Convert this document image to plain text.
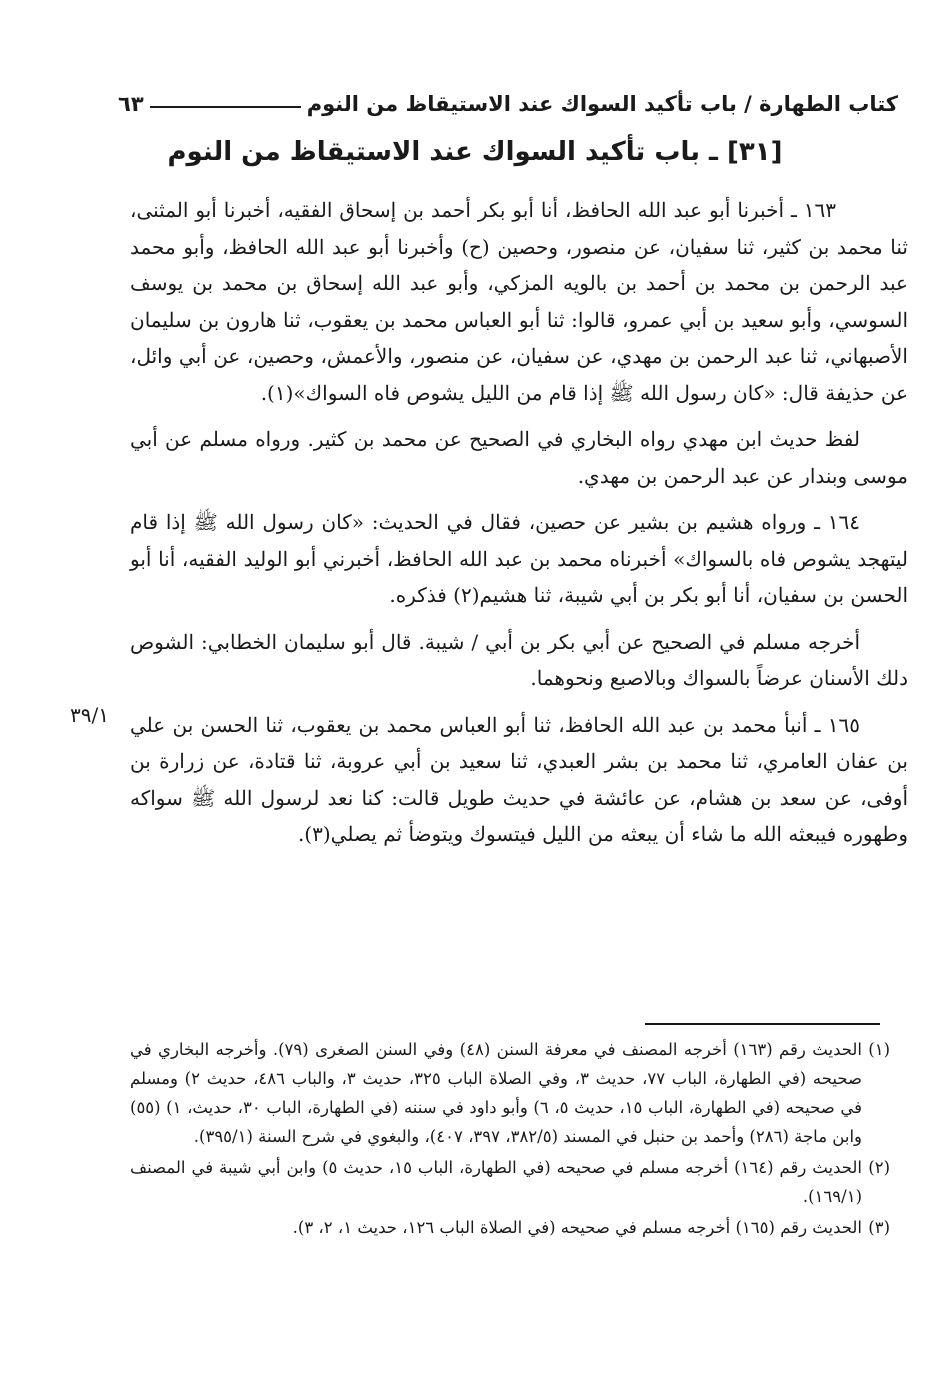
كتاب الطهارة / باب تأكيد السواك عند الاستيقاظ من النوم
٦٣
[٣١] ـ باب تأكيد السواك عند الاستيقاظ من النوم

١٦٣ ـ أخبرنا أبو عبد الله الحافظ، أنا أبو بكر أحمد بن إسحاق الفقيه، أخبرنا أبو المثنى، ثنا محمد بن كثير، ثنا سفيان، عن منصور، وحصين (ح) وأخبرنا أبو عبد الله الحافظ، وأبو محمد عبد الرحمن بن محمد بن أحمد بن بالويه المزكي، وأبو عبد الله إسحاق بن محمد بن يوسف السوسي، وأبو سعيد بن أبي عمرو، قالوا: ثنا أبو العباس محمد بن يعقوب، ثنا هارون بن سليمان الأصبهاني، ثنا عبد الرحمن بن مهدي، عن سفيان، عن منصور، والأعمش، وحصين، عن أبي وائل، عن حذيفة قال: «كان رسول الله ﷺ إذا قام من الليل يشوص فاه السواك»(١).

لفظ حديث ابن مهدي رواه البخاري في الصحيح عن محمد بن كثير. ورواه مسلم عن أبي موسى وبندار عن عبد الرحمن بن مهدي.

١٦٤ ـ ورواه هشيم بن بشير عن حصين، فقال في الحديث: «كان رسول الله ﷺ إذا قام ليتهجد يشوص فاه بالسواك» أخبرناه محمد بن عبد الله الحافظ، أخبرني أبو الوليد الفقيه، أنا أبو الحسن بن سفيان، أنا أبو بكر بن أبي شيبة، ثنا هشيم(٢) فذكره.

أخرجه مسلم في الصحيح عن أبي بكر بن أبي / شيبة. قال أبو سليمان الخطابي: الشوص دلك الأسنان عرضاً بالسواك وبالاصبع ونحوهما.

١٦٥ ـ أنبأ محمد بن عبد الله الحافظ، ثنا أبو العباس محمد بن يعقوب، ثنا الحسن بن علي بن عفان العامري، ثنا محمد بن بشر العبدي، ثنا سعيد بن أبي عروبة، ثنا قتادة، عن زرارة بن أوفى، عن سعد بن هشام، عن عائشة في حديث طويل قالت: كنا نعد لرسول الله ﷺ سواكه وطهوره فيبعثه الله ما شاء أن يبعثه من الليل فيتسوك ويتوضأ ثم يصلي(٣).

٣٩/١
(١)
الحديث رقم (١٦٣) أخرجه المصنف في معرفة السنن (٤٨) وفي السنن الصغرى (٧٩). وأخرجه البخاري في صحيحه (في الطهارة، الباب ٧٧، حديث ٣، وفي الصلاة الباب ٣٢٥، حديث ٣، والباب ٤٨٦، حديث ٢) ومسلم في صحيحه (في الطهارة، الباب ١٥، حديث ٥، ٦) وأبو داود في سننه (في الطهارة، الباب ٣٠، حديث، ١) (٥٥) وابن ماجة (٢٨٦) وأحمد بن حنبل في المسند (٣٨٢/٥، ٣٩٧، ٤٠٧)، والبغوي في شرح السنة (٣٩٥/١).
(٢)
الحديث رقم (١٦٤) أخرجه مسلم في صحيحه (في الطهارة، الباب ١٥، حديث ٥) وابن أبي شيبة في المصنف (١٦٩/١).
(٣)
الحديث رقم (١٦٥) أخرجه مسلم في صحيحه (في الصلاة الباب ١٢٦، حديث ١، ٢، ٣).
